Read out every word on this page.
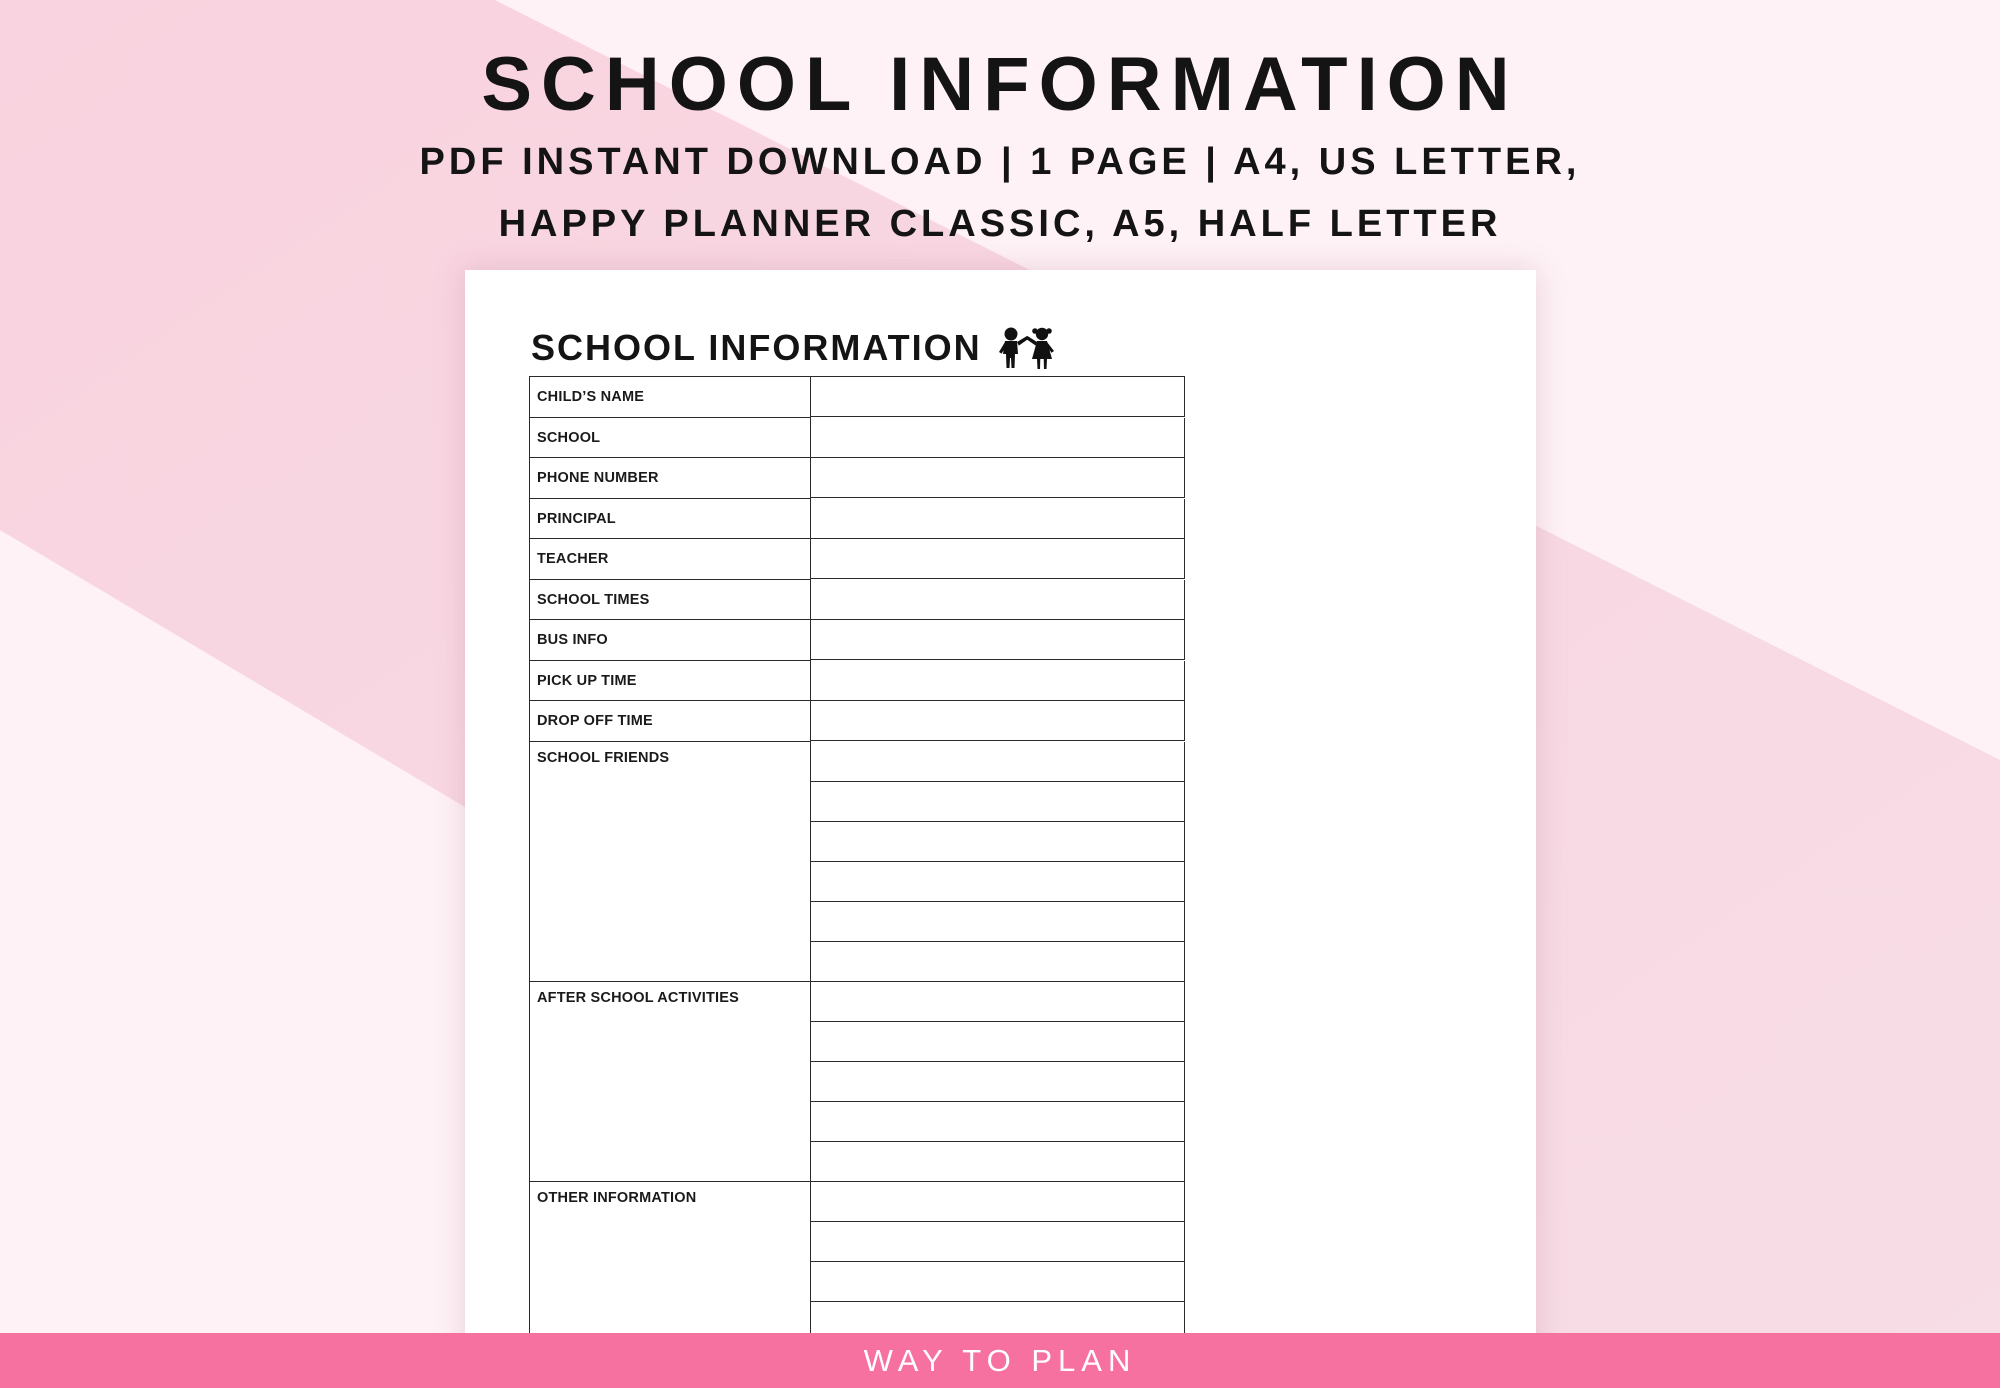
SCHOOL INFORMATION
PDF INSTANT DOWNLOAD | 1 PAGE | A4, US LETTER,
HAPPY PLANNER CLASSIC, A5, HALF LETTER
SCHOOL INFORMATION
CHILD’S NAME
SCHOOL
PHONE NUMBER
PRINCIPAL
TEACHER
SCHOOL TIMES
BUS INFO
PICK UP TIME
DROP OFF TIME
SCHOOL FRIENDS
AFTER SCHOOL ACTIVITIES
OTHER INFORMATION
WAY TO PLAN
